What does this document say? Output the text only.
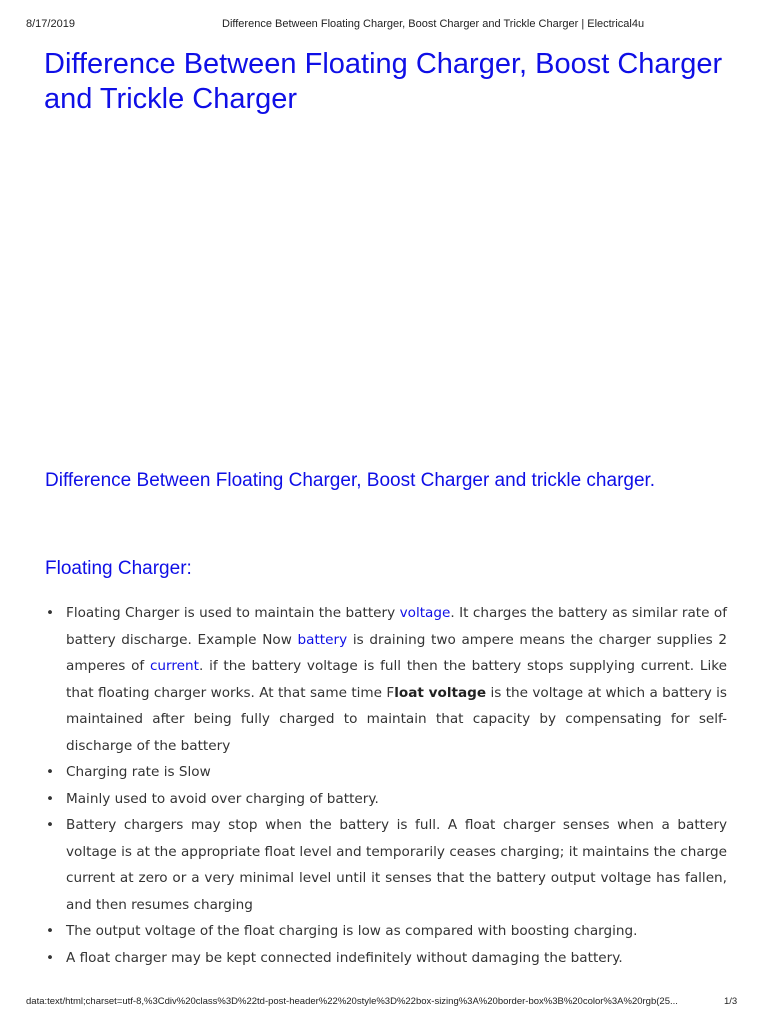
8/17/2019	Difference Between Floating Charger, Boost Charger and Trickle Charger | Electrical4u
Difference Between Floating Charger, Boost Charger and Trickle Charger
Difference Between Floating Charger, Boost Charger and trickle charger.
Floating Charger:
• Floating Charger is used to maintain the battery voltage. It charges the battery as similar rate of battery discharge. Example Now battery is draining two ampere means the charger supplies 2 amperes of current. if the battery voltage is full then the battery stops supplying current. Like that floating charger works. At that same time Float voltage is the voltage at which a battery is maintained after being fully charged to maintain that capacity by compensating for self-discharge of the battery
• Charging rate is Slow
• Mainly used to avoid over charging of battery.
• Battery chargers may stop when the battery is full. A float charger senses when a battery voltage is at the appropriate float level and temporarily ceases charging; it maintains the charge current at zero or a very minimal level until it senses that the battery output voltage has fallen, and then resumes charging
• The output voltage of the float charging is low as compared with boosting charging.
• A float charger may be kept connected indefinitely without damaging the battery.
data:text/html;charset=utf-8,%3Cdiv%20class%3D%22td-post-header%22%20style%3D%22box-sizing%3A%20border-box%3B%20color%3A%20rgb(25...	1/3
